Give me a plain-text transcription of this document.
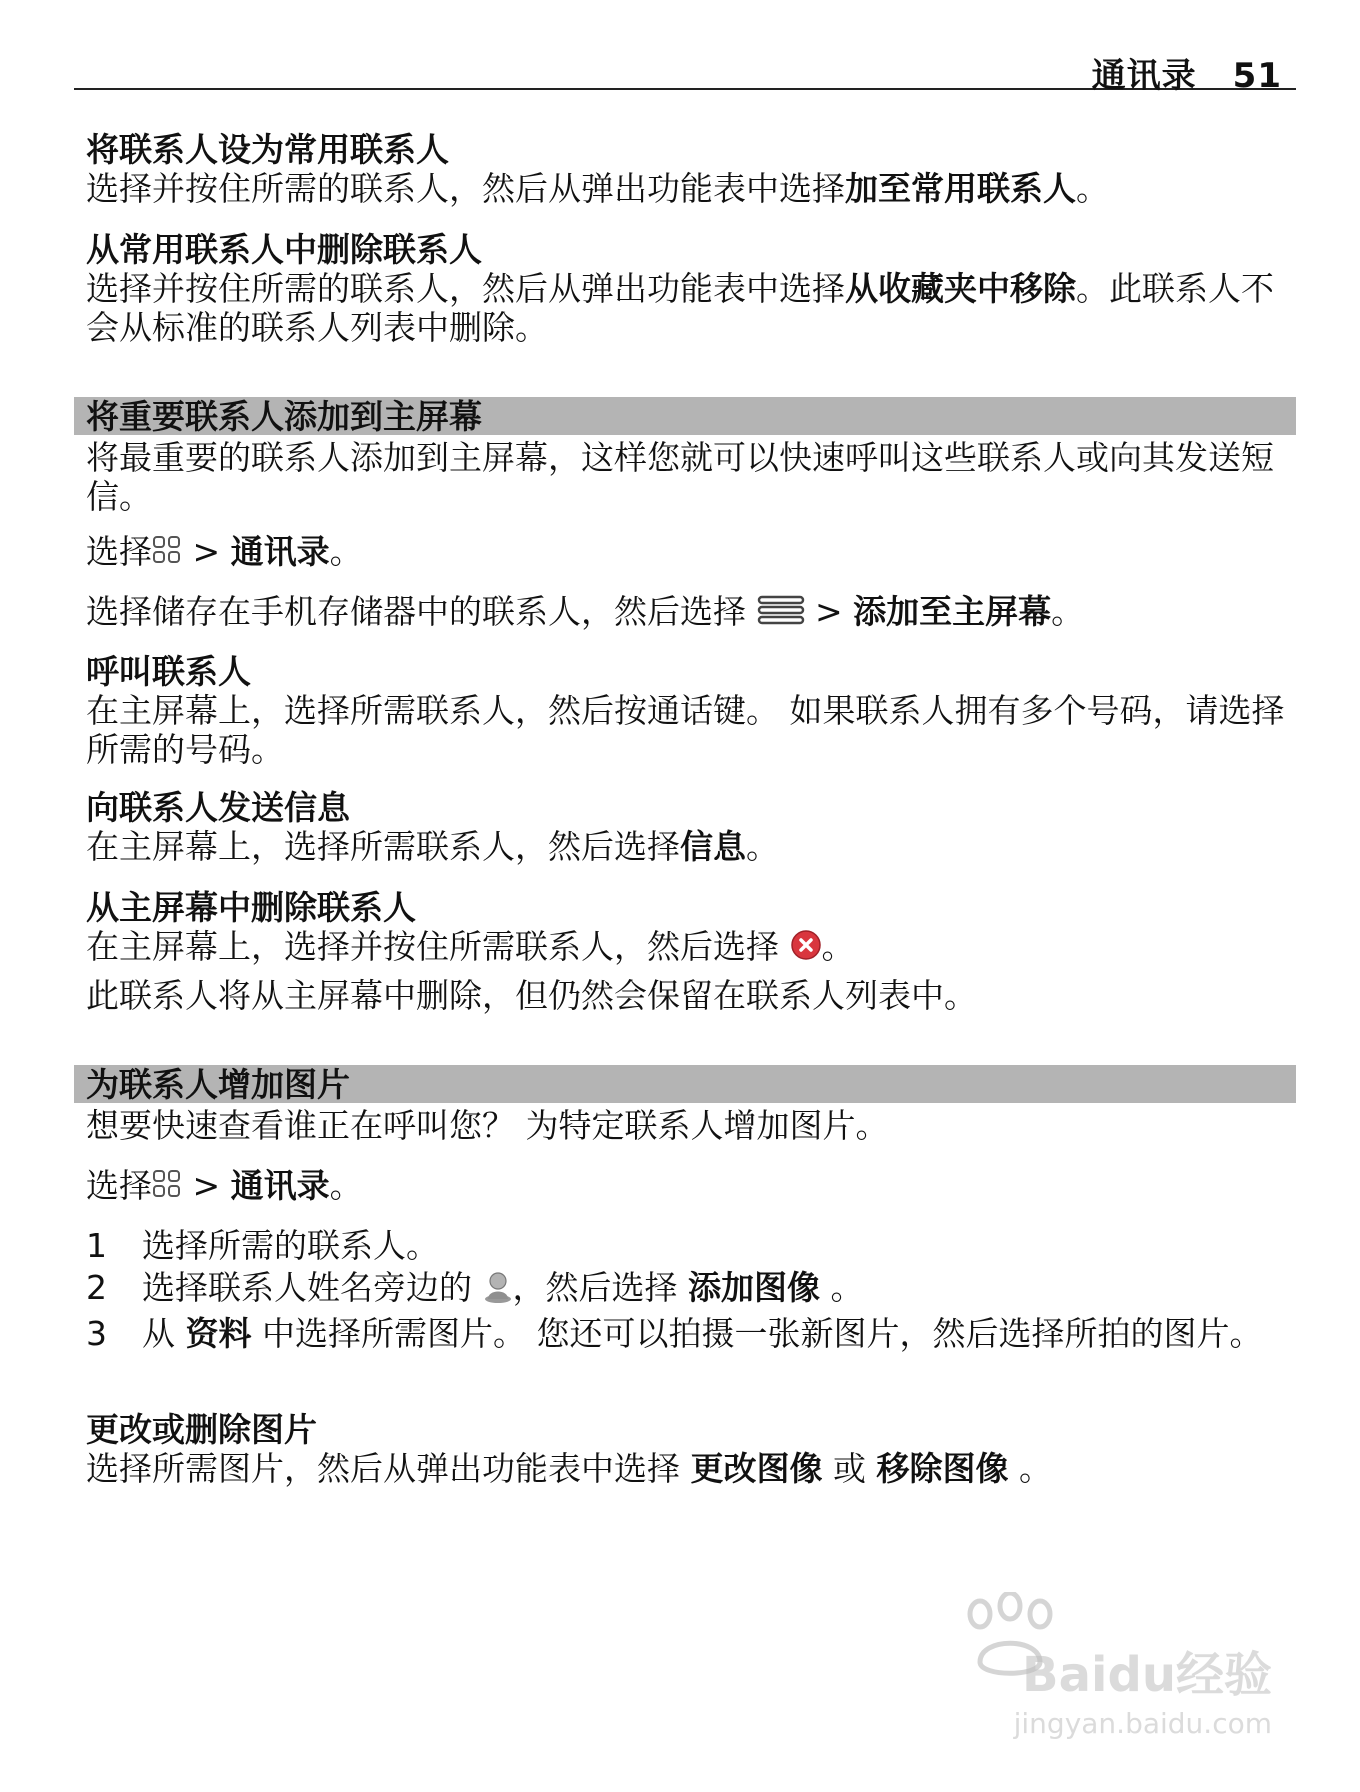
通讯录 51
将联系人设为常用联系人
选择并按住所需的联系人，然后从弹出功能表中选择加至常用联系人。
从常用联系人中删除联系人
选择并按住所需的联系人，然后从弹出功能表中选择从收藏夹中移除。此联系人不会从标准的联系人列表中删除。
将重要联系人添加到主屏幕
将最重要的联系人添加到主屏幕，这样您就可以快速呼叫这些联系人或向其发送短信。
选择 > 通讯录。
选择储存在手机存储器中的联系人，然后选择  > 添加至主屏幕。
呼叫联系人
在主屏幕上，选择所需联系人，然后按通话键。 如果联系人拥有多个号码，请选择所需的号码。
向联系人发送信息
在主屏幕上，选择所需联系人，然后选择信息。
从主屏幕中删除联系人
在主屏幕上，选择并按住所需联系人，然后选择 。
此联系人将从主屏幕中删除，但仍然会保留在联系人列表中。
为联系人增加图片
想要快速查看谁正在呼叫您？ 为特定联系人增加图片。
选择 > 通讯录。
1 选择所需的联系人。
2 选择联系人姓名旁边的 ，然后选择 添加图像 。
3	从 资料 中选择所需图片。 您还可以拍摄一张新图片，然后选择所拍的图片。
更改或删除图片
选择所需图片，然后从弹出功能表中选择 更改图像 或 移除图像 。
Baidu经验
jingyan.baidu.com
